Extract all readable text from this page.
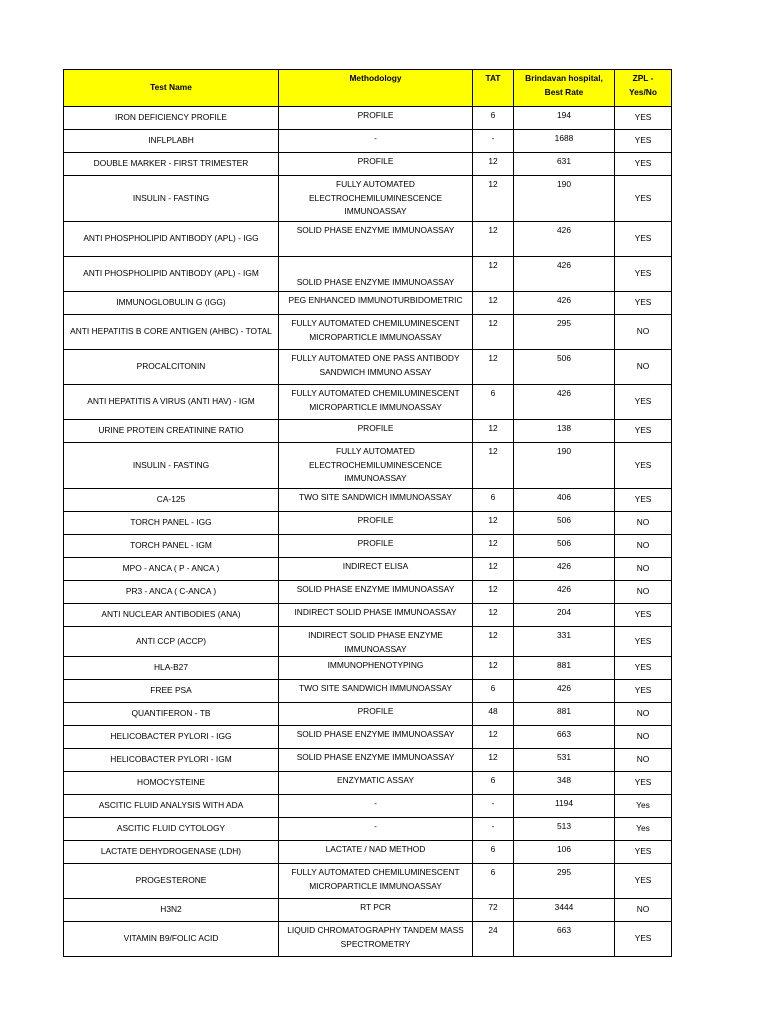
Test Name	Methodology	TAT	Brindavan hospital, Best Rate	ZPL - Yes/No
IRON DEFICIENCY PROFILE	PROFILE	6	194	YES
INFLPLABH	-	-	1688	YES
DOUBLE MARKER - FIRST TRIMESTER	PROFILE	12	631	YES
INSULIN - FASTING	FULLY AUTOMATED ELECTROCHEMILUMINESCENCE IMMUNOASSAY	12	190	YES
ANTI PHOSPHOLIPID ANTIBODY (APL) - IGG	SOLID PHASE ENZYME IMMUNOASSAY	12	426	YES
ANTI PHOSPHOLIPID ANTIBODY (APL) - IGM	SOLID PHASE ENZYME IMMUNOASSAY	12	426	YES
IMMUNOGLOBULIN G (IGG)	PEG ENHANCED IMMUNOTURBIDOMETRIC	12	426	YES
ANTI HEPATITIS B CORE ANTIGEN (AHBC) - TOTAL	FULLY AUTOMATED CHEMILUMINESCENT MICROPARTICLE IMMUNOASSAY	12	295	NO
PROCALCITONIN	FULLY AUTOMATED ONE PASS ANTIBODY SANDWICH IMMUNO ASSAY	12	506	NO
ANTI HEPATITIS A VIRUS (ANTI HAV) - IGM	FULLY AUTOMATED CHEMILUMINESCENT MICROPARTICLE IMMUNOASSAY	6	426	YES
URINE PROTEIN CREATININE RATIO	PROFILE	12	138	YES
INSULIN - FASTING	FULLY AUTOMATED ELECTROCHEMILUMINESCENCE IMMUNOASSAY	12	190	YES
CA-125	TWO SITE SANDWICH IMMUNOASSAY	6	406	YES
TORCH PANEL - IGG	PROFILE	12	506	NO
TORCH PANEL - IGM	PROFILE	12	506	NO
MPO - ANCA ( P - ANCA )	INDIRECT ELISA	12	426	NO
PR3 - ANCA ( C-ANCA )	SOLID PHASE ENZYME IMMUNOASSAY	12	426	NO
ANTI NUCLEAR ANTIBODIES (ANA)	INDIRECT SOLID PHASE IMMUNOASSAY	12	204	YES
ANTI CCP (ACCP)	INDIRECT SOLID PHASE ENZYME IMMUNOASSAY	12	331	YES
HLA-B27	IMMUNOPHENOTYPING	12	881	YES
FREE PSA	TWO SITE SANDWICH IMMUNOASSAY	6	426	YES
QUANTIFERON - TB	PROFILE	48	881	NO
HELICOBACTER PYLORI - IGG	SOLID PHASE ENZYME IMMUNOASSAY	12	663	NO
HELICOBACTER PYLORI - IGM	SOLID PHASE ENZYME IMMUNOASSAY	12	531	NO
HOMOCYSTEINE	ENZYMATIC ASSAY	6	348	YES
ASCITIC FLUID ANALYSIS WITH ADA	-	-	1194	Yes
ASCITIC FLUID CYTOLOGY	-	-	513	Yes
LACTATE DEHYDROGENASE (LDH)	LACTATE / NAD METHOD	6	106	YES
PROGESTERONE	FULLY AUTOMATED CHEMILUMINESCENT MICROPARTICLE IMMUNOASSAY	6	295	YES
H3N2	RT PCR	72	3444	NO
VITAMIN B9/FOLIC ACID	LIQUID CHROMATOGRAPHY TANDEM MASS SPECTROMETRY	24	663	YES
